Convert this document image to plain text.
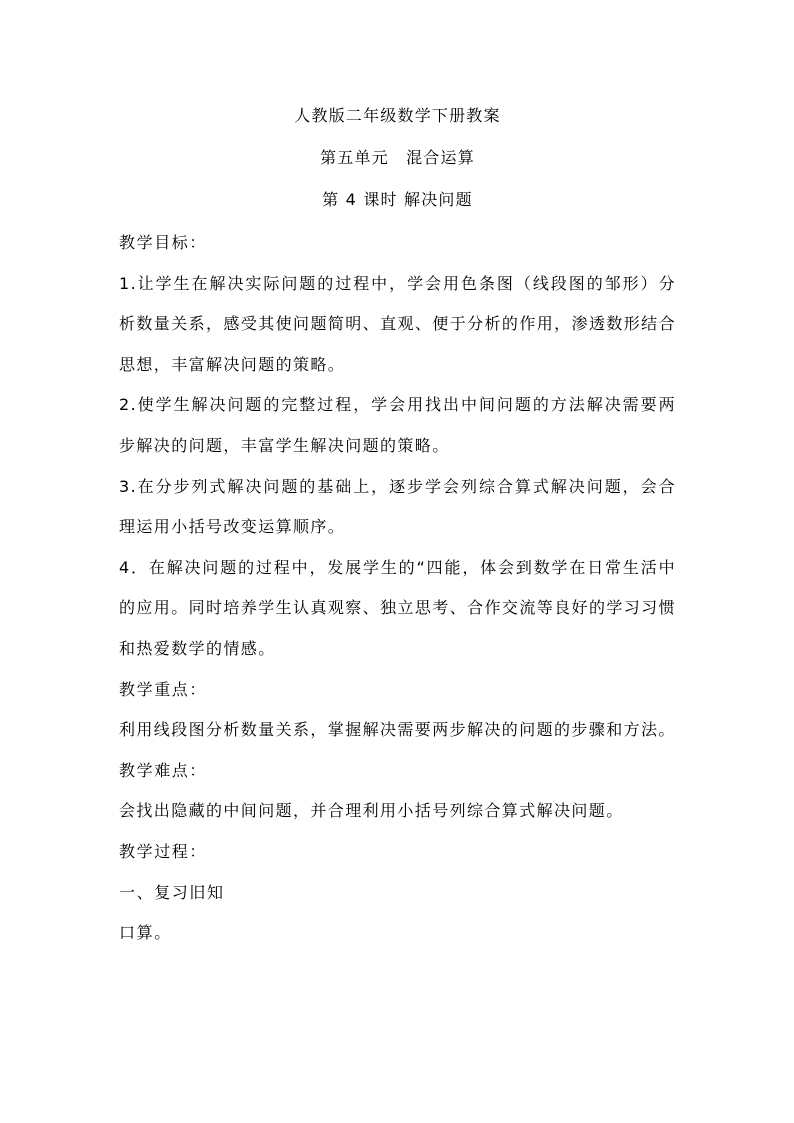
人教版二年级数学下册教案

第五单元　混合运算

第 4 课时 解决问题

教学目标：

1.让学生在解决实际问题的过程中，学会用色条图（线段图的邹形）分析数量关系，感受其使问题简明、直观、便于分析的作用，渗透数形结合思想，丰富解决问题的策略。

2.使学生解决问题的完整过程，学会用找出中间问题的方法解决需要两步解决的问题，丰富学生解决问题的策略。

3.在分步列式解决问题的基础上，逐步学会列综合算式解决问题，会合理运用小括号改变运算顺序。

4．在解决问题的过程中，发展学生的“四能，体会到数学在日常生活中的应用。同时培养学生认真观察、独立思考、合作交流等良好的学习习惯和热爱数学的情感。

教学重点：

利用线段图分析数量关系，掌握解决需要两步解决的问题的步骤和方法。

教学难点：

会找出隐藏的中间问题，并合理利用小括号列综合算式解决问题。

教学过程：

一、复习旧知

口算。
